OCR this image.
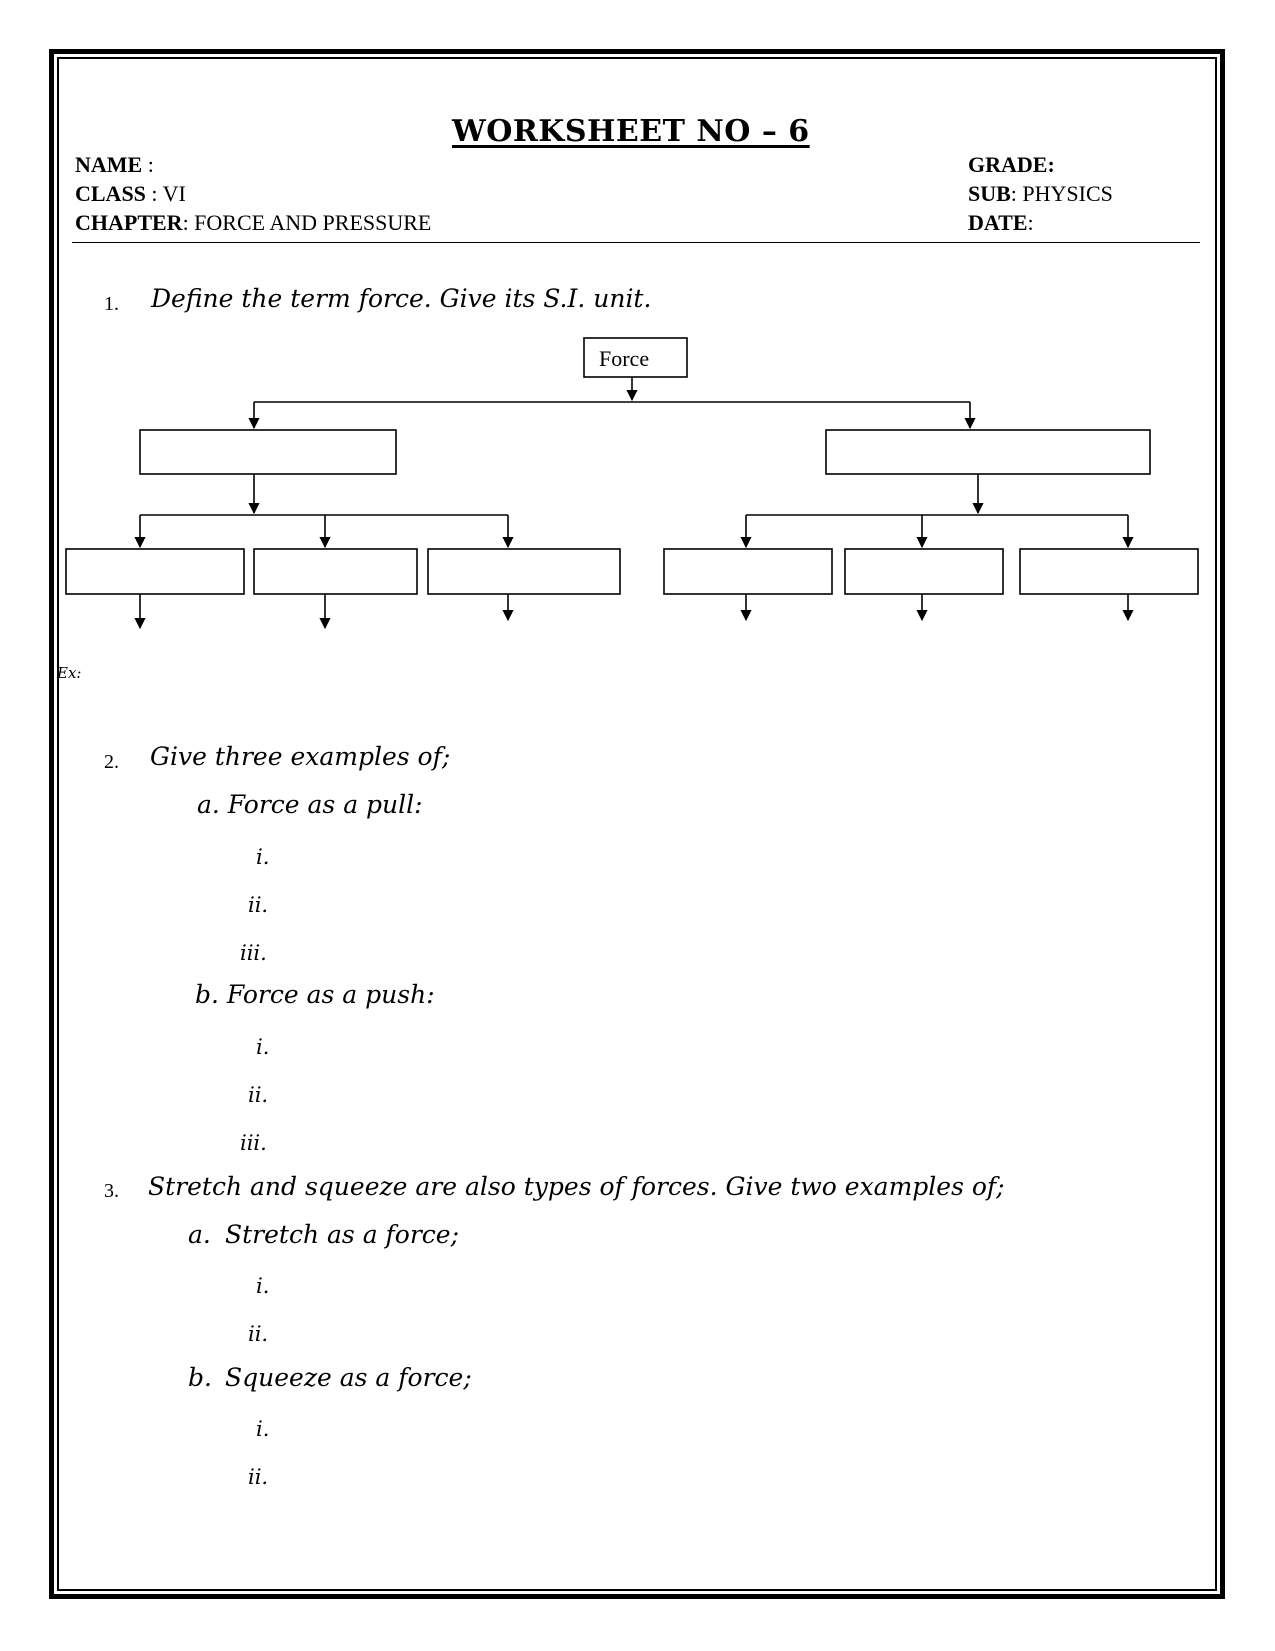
WORKSHEET NO – 6
NAME :
CLASS : VI
CHAPTER: FORCE AND PRESSURE
GRADE:
SUB: PHYSICS
DATE:
1. Define the term force. Give its S.I. unit.
Force
Ex:
2. Give three examples of;
a. Force as a pull:
i.
ii.
iii.
b. Force as a push:
i.
ii.
iii.
3. Stretch and squeeze are also types of forces. Give two examples of;
a. Stretch as a force;
i.
ii.
b. Squeeze as a force;
i.
ii.
